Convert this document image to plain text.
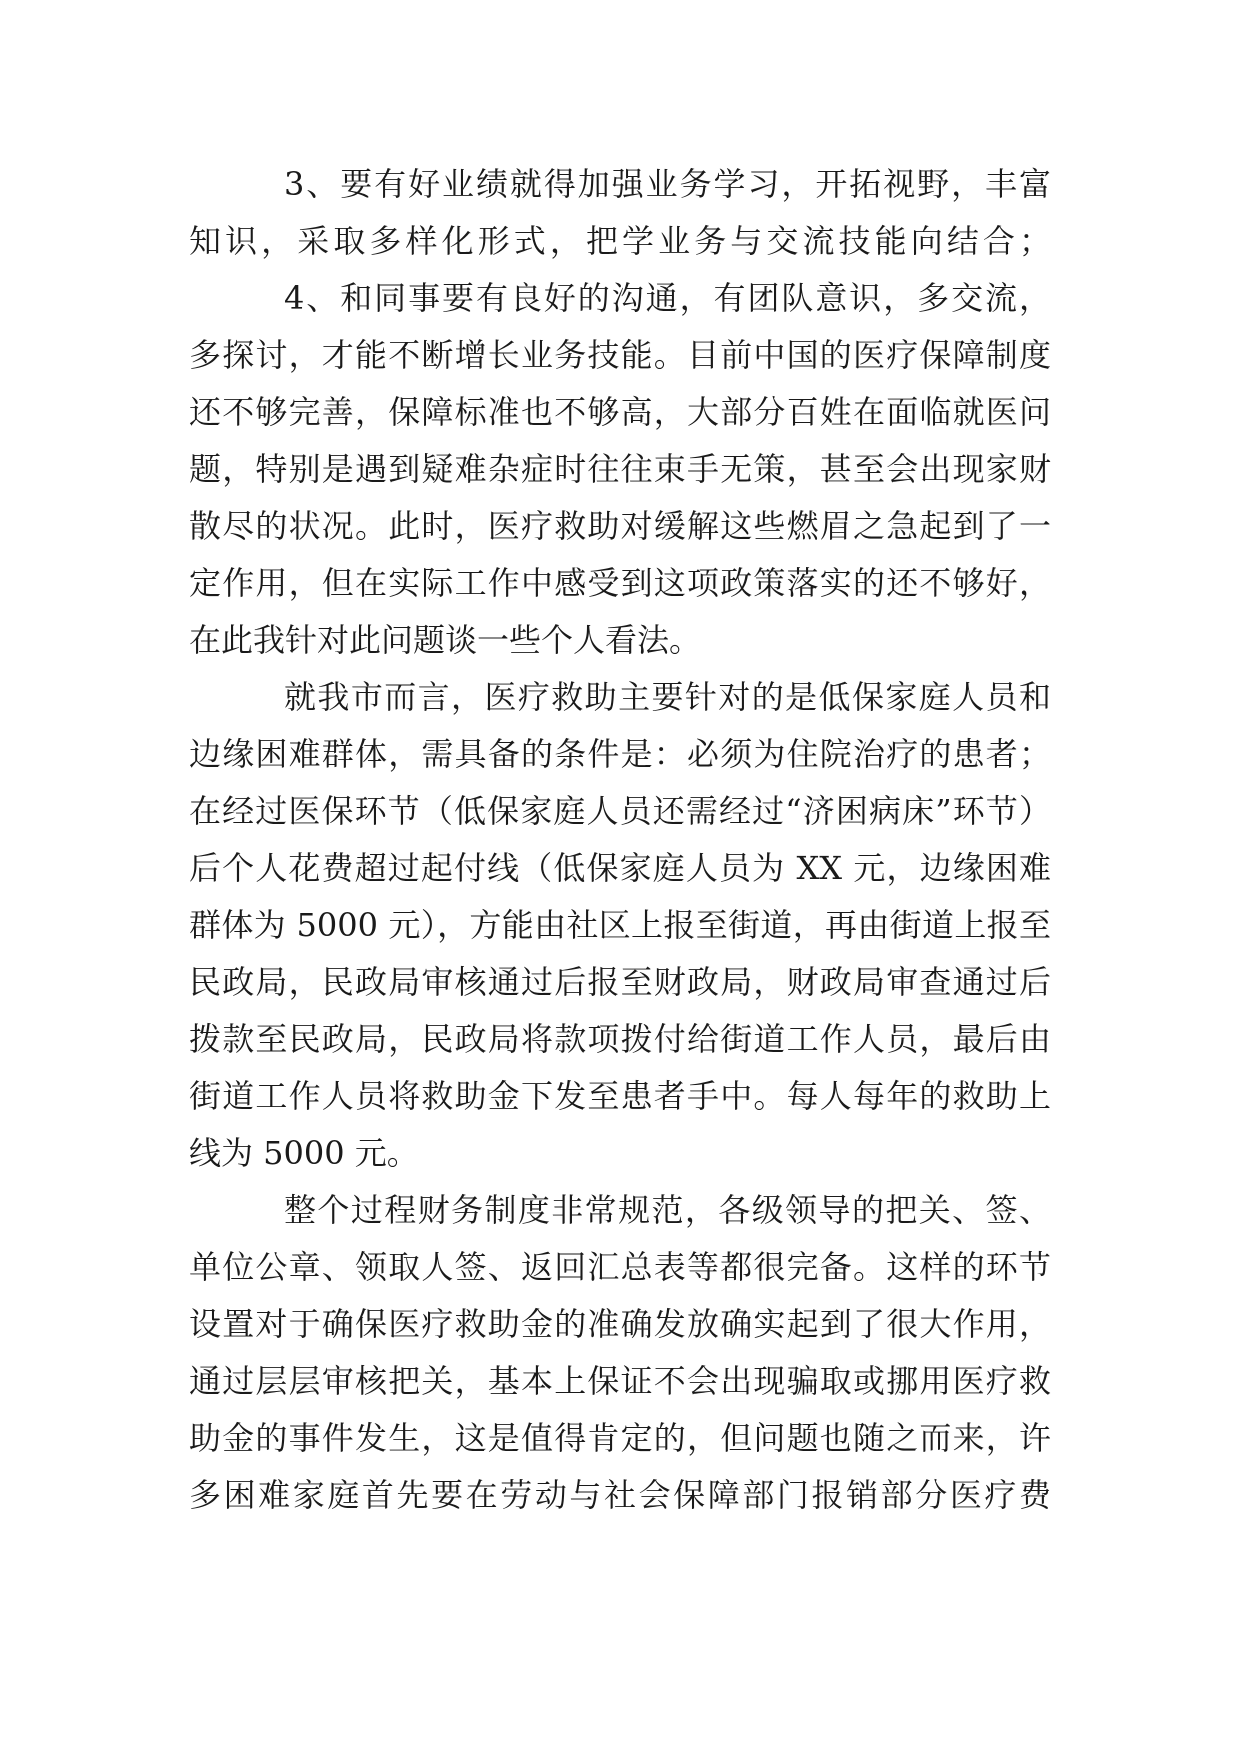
3、要有好业绩就得加强业务学习，开拓视野，丰富
知识，采取多样化形式，把学业务与交流技能向结合；
4、和同事要有良好的沟通，有团队意识，多交流，
多探讨，才能不断增长业务技能。目前中国的医疗保障制度
还不够完善，保障标准也不够高，大部分百姓在面临就医问
题，特别是遇到疑难杂症时往往束手无策，甚至会出现家财
散尽的状况。此时，医疗救助对缓解这些燃眉之急起到了一
定作用，但在实际工作中感受到这项政策落实的还不够好，
在此我针对此问题谈一些个人看法。
就我市而言，医疗救助主要针对的是低保家庭人员和
边缘困难群体，需具备的条件是：必须为住院治疗的患者；
在经过医保环节（低保家庭人员还需经过“济困病床”环节）
后个人花费超过起付线（低保家庭人员为 XX 元，边缘困难
群体为 5000 元），方能由社区上报至街道，再由街道上报至
民政局，民政局审核通过后报至财政局，财政局审查通过后
拨款至民政局，民政局将款项拨付给街道工作人员，最后由
街道工作人员将救助金下发至患者手中。每人每年的救助上
线为 5000 元。
整个过程财务制度非常规范，各级领导的把关、签、
单位公章、领取人签、返回汇总表等都很完备。这样的环节
设置对于确保医疗救助金的准确发放确实起到了很大作用，
通过层层审核把关，基本上保证不会出现骗取或挪用医疗救
助金的事件发生，这是值得肯定的，但问题也随之而来，许
多困难家庭首先要在劳动与社会保障部门报销部分医疗费
